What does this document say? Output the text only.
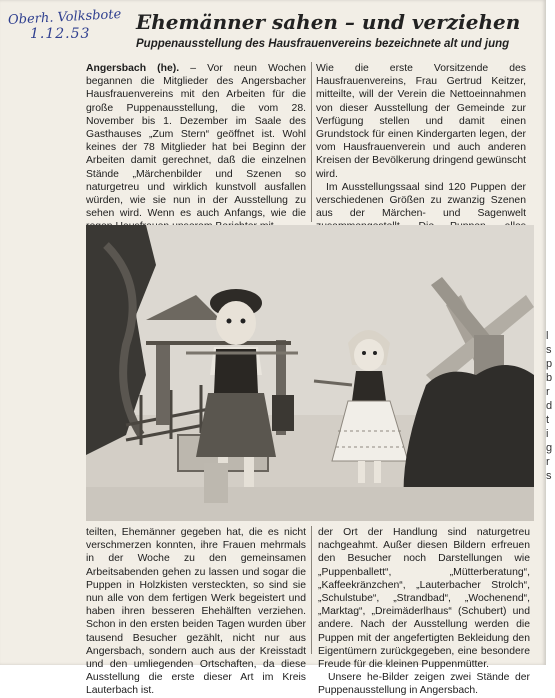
Oberh. Volksbote
1.12.53 Ehemänner sahen – und verziehen
Puppenausstellung des Hausfrauenvereins bezeichnete alt und jung
Angersbach (he). – Vor neun Wochen begannen die Mitglieder des Angersbacher Hausfrauenvereins mit den Arbeiten für die große Puppenausstellung, die vom 28. November bis 1. Dezember im Saale des Gasthauses „Zum Stern“ geöffnet ist. Wohl keines der 78 Mitglieder hat bei Beginn der Arbeiten damit gerechnet, daß die einzelnen Stände „Märchenbilder und Szenen so naturgetreu und wirklich kunstvoll ausfallen würden, wie sie nun in der Ausstellung zu sehen wird. Wenn es auch Anfangs, wie die
Wie die erste Vorsitzende des Hausfrauenvereins, Frau Gertrud Keitzer, mitteilte, will der Verein die Nettoeinnahmen von dieser Ausstellung der Gemeinde zur Verfügung stellen und damit einen Grundstock für einen Kindergarten legen, der vom Hausfrauenverein und auch anderen Kreisen der Bevölkerung dringend gewünscht wird.
Im Ausstellungssaal sind 120 Puppen der verschiedenen Größen zu zwanzig Szenen aus der Märchen- und Sagenwelt
teilten, Ehemänner gegeben hat, die es nicht verschmerzen konnten, ihre Frauen mehrmals in der Woche zu den gemeinsamen Arbeitsabenden gehen zu lassen und sogar die Puppen in Holzkisten versteckten, so sind sie nun alle von dem fertigen Werk begeistert und haben ihren besseren Ehehälften verziehen. Schon in den ersten beiden Tagen wurden über tausend Besucher gezählt, nicht nur aus Angersbach, sondern auch aus der Kreisstadt und den umliegenden Ortschaften, da diese Ausstellung die erste dieser Art im Kreis Lauterbach ist.
der Ort der Handlung sind naturgetreu nachgeahmt. Außer diesen Bildern erfreuen den Besucher noch Darstellungen wie „Puppenballett“, „Mütterberatung“, „Kaffeekränzchen“, „Lauterbacher Strolch“, „Schulstube“, „Strandbad“, „Wochenend“, „Marktag“, „Dreimäderlhaus“ (Schubert) und andere. Nach der Ausstellung werden die Puppen mit der angefertigten Bekleidung den Eigentümern zurückgegeben, eine besondere Freude für die kleinen Puppenmütter.
Unsere he-Bilder zeigen zwei Stände der Puppenausstellung in Angersbach.
l
s
p
b
r
d
t
i
g
r
s
